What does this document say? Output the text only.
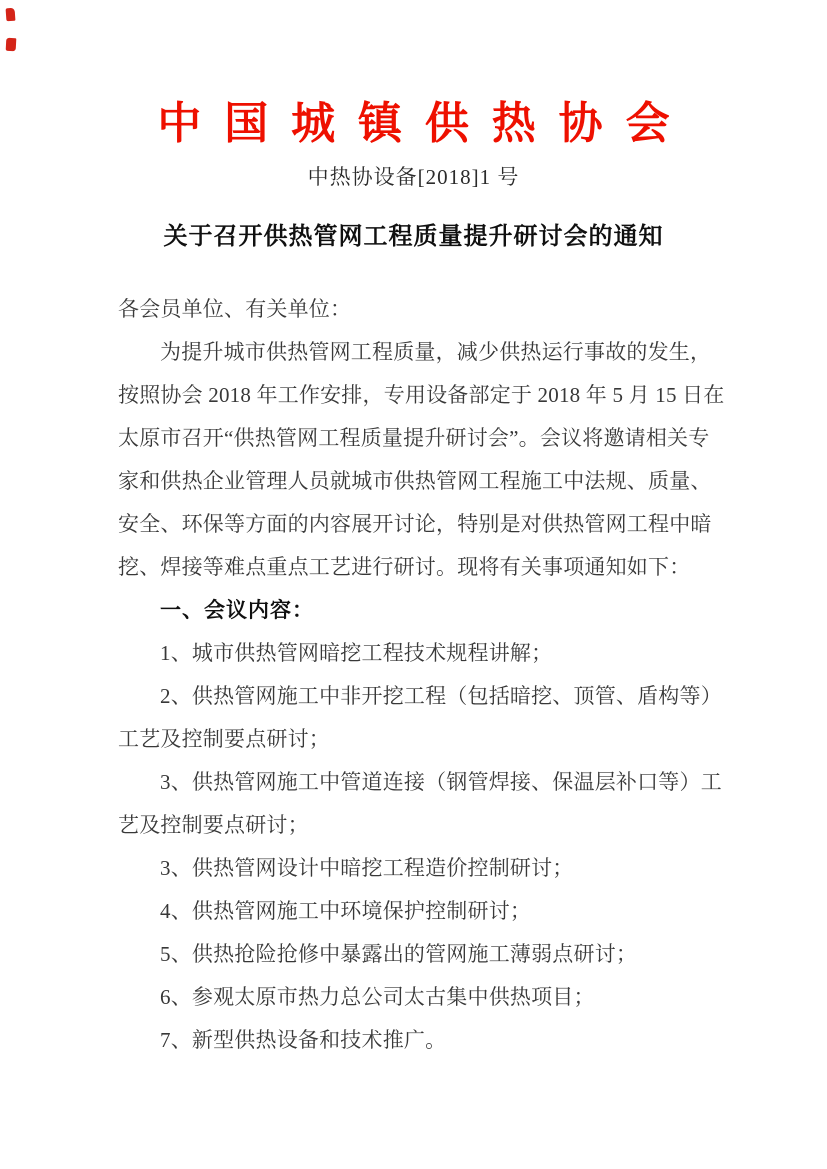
中国城镇供热协会
中热协设备[2018]1 号
关于召开供热管网工程质量提升研讨会的通知
各会员单位、有关单位：
为提升城市供热管网工程质量，减少供热运行事故的发生，
按照协会 2018 年工作安排，专用设备部定于 2018 年 5 月 15 日在
太原市召开“供热管网工程质量提升研讨会”。会议将邀请相关专
家和供热企业管理人员就城市供热管网工程施工中法规、质量、
安全、环保等方面的内容展开讨论，特别是对供热管网工程中暗
挖、焊接等难点重点工艺进行研讨。现将有关事项通知如下：
一、会议内容：
1、城市供热管网暗挖工程技术规程讲解；
2、供热管网施工中非开挖工程（包括暗挖、顶管、盾构等）
工艺及控制要点研讨；
3、供热管网施工中管道连接（钢管焊接、保温层补口等）工
艺及控制要点研讨；
3、供热管网设计中暗挖工程造价控制研讨；
4、供热管网施工中环境保护控制研讨；
5、供热抢险抢修中暴露出的管网施工薄弱点研讨；
6、参观太原市热力总公司太古集中供热项目；
7、新型供热设备和技术推广。
